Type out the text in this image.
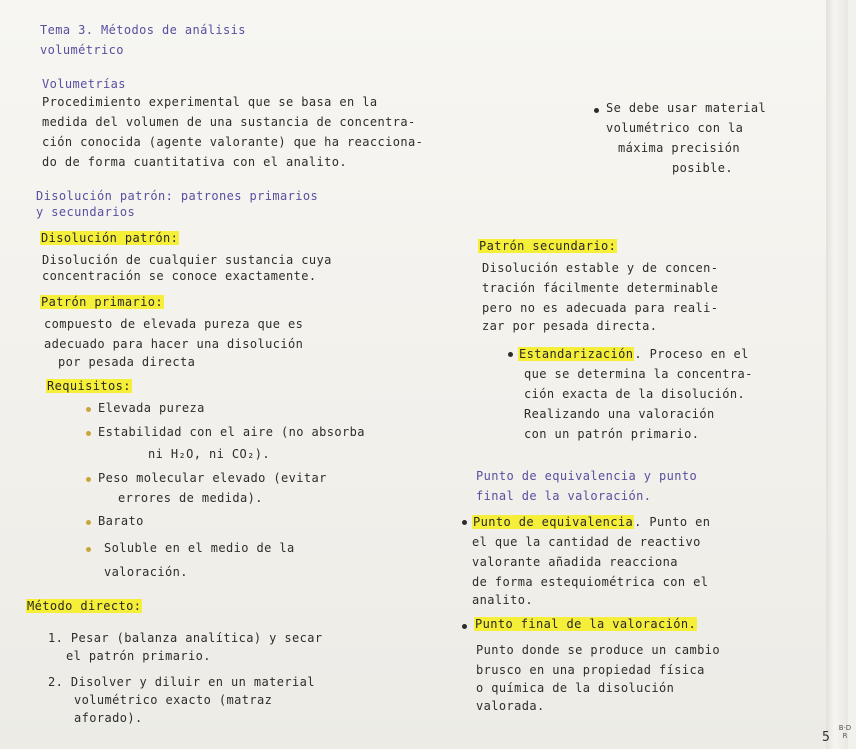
Tema 3. Métodos de análisis

volumétrico

Volumetrías

Procedimiento experimental que se basa en la

medida del volumen de una sustancia de concentra-

ción conocida (agente valorante) que ha reacciona-

do de forma cuantitativa con el analito.

Se debe usar material

volumétrico con la

máxima precisión

posible.

Disolución patrón: patrones primarios

y secundarios

Disolución patrón:

Disolución de cualquier sustancia cuya

concentración se conoce exactamente.

Patrón primario:

compuesto de elevada pureza que es

adecuado para hacer una disolución

por pesada directa

Requisitos:

Elevada pureza

Estabilidad con el aire (no absorba

ni H₂O, ni CO₂).

Peso molecular elevado (evitar

errores de medida).

Barato

Soluble en el medio de la

valoración.

Método directo:

1. Pesar (balanza analítica) y secar

el patrón primario.

2. Disolver y diluir en un material

volumétrico exacto (matraz

aforado).

Patrón secundario:

Disolución estable y de concen-

tración fácilmente determinable

pero no es adecuada para reali-

zar por pesada directa.

Estandarización. Proceso en el

que se determina la concentra-

ción exacta de la disolución.

Realizando una valoración

con un patrón primario.

Punto de equivalencia y punto

final de la valoración.

Punto de equivalencia. Punto en

el que la cantidad de reactivo

valorante añadida reacciona

de forma estequiométrica con el

analito.

Punto final de la valoración.

Punto donde se produce un cambio

brusco en una propiedad física

o química de la disolución

valorada.

5
B·D
R
